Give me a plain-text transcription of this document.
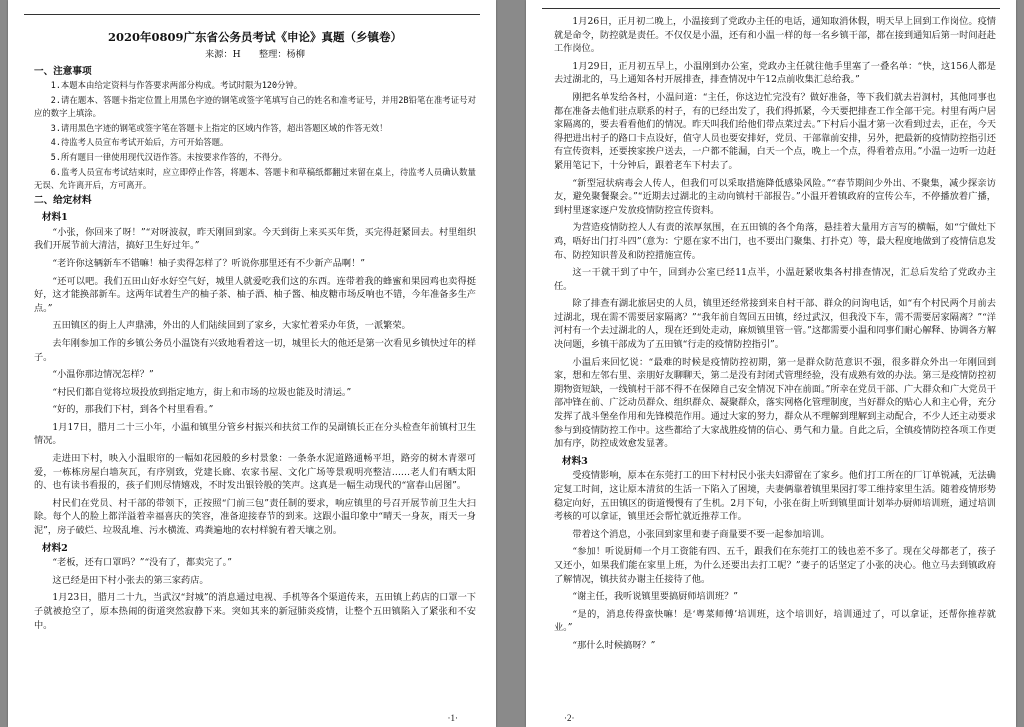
2020年0809广东省公务员考试《申论》真题（乡镇卷）
来源：H　　整理：杨柳
一、注意事项

1.本题本由给定资料与作答要求两部分构成。考试时限为120分钟。

2.请在题本、答题卡指定位置上用黑色字迹的钢笔或签字笔填写自己的姓名和准考证号，并用2B铅笔在准考证号对应的数字上填涂。

3.请用黑色字迹的钢笔或签字笔在答题卡上指定的区域内作答，超出答题区域的作答无效！

4.待监考人员宣布考试开始后，方可开始答题。

5.所有题目一律使用现代汉语作答。未按要求作答的，不得分。

6.监考人员宣布考试结束时，应立即停止作答，将题本、答题卡和草稿纸都翻过来留在桌上，待监考人员确认数量无误、允许离开后，方可离开。

二、给定材料
材料1

“小张，你回来了呀！”“对呀波叔，昨天刚回到家。今天到街上来买买年货，买完得赶紧回去。村里组织我们开展节前大清洁，搞好卫生好过年。”

“老许你这辆新车不错嘛！柚子卖得怎样了？听说你那里还有不少新产品啊！”

“还可以吧。我们五田山好水好空气好，城里人就爱吃我们这的东西。连带着我的蜂蜜和果园鸡也卖得挺好，这才能换部新车。这两年试着生产的柚子茶、柚子酒、柚子酱、柚皮糖市场反响也不错，今年准备多生产点。”

五田镇区的街上人声鼎沸，外出的人们陆续回到了家乡，大家忙着采办年货，一派繁荣。

去年刚参加工作的乡镇公务员小温饶有兴致地看着这一切，城里长大的他还是第一次看见乡镇快过年的样子。

“小温你那边情况怎样？”

“村民们都自觉将垃圾投放到指定地方，街上和市场的垃圾也能及时清运。”

“好的，那我们下村，到各个村里看看。”

1月17日，腊月二十三小年，小温和镇里分管乡村振兴和扶贫工作的吴副镇长正在分头检查年前镇村卫生情况。

走进田下村，映入小温眼帘的一幅如花园般的乡村景象：一条条水泥道路通畅平坦，路旁的树木青翠可爱，一栋栋房屋白墙灰瓦，有序别致，党建长廊、农家书屋、文化广场等景观明亮整洁……老人们有晒太阳的、也有读书看报的，孩子们则尽情嬉戏，不时发出银铃般的笑声。这真是一幅生动现代的“富春山居图”。

村民们在党员、村干部的带领下，正按照“门前三包”责任制的要求，响应镇里的号召开展节前卫生大扫除。每个人的脸上都洋溢着幸福喜庆的笑容，准备迎接春节的到来。这跟小温印象中“晴天一身灰，雨天一身泥”，房子破烂、垃圾乱堆、污水横流、鸡粪遍地的农村样貌有着天壤之别。

材料2

“老板，还有口罩吗？”“没有了，都卖完了。”

这已经是田下村小张去的第三家药店。

1月23日，腊月二十九，当武汉“封城”的消息通过电视、手机等各个渠道传来，五田镇上药店的口罩一下子就被抢空了，原本热闹的街道突然寂静下来。突如其来的新冠肺炎疫情，让整个五田镇陷入了紧张和不安中。

·1·

1月26日，正月初二晚上，小温接到了党政办主任的电话，通知取消休假，明天早上回到工作岗位。疫情就是命令，防控就是责任。不仅仅是小温，还有和小温一样的每一名乡镇干部，都在接到通知后第一时间赶赴工作岗位。

1月29日，正月初五早上，小温刚到办公室，党政办主任就往他手里塞了一叠名单：“快，这156人都是去过湖北的，马上通知各村开展排查，排查情况中午12点前收集汇总给我。”

刚把名单发给各村，小温问道：“主任，你这边忙完没有？做好准备，等下我们就去岩洞村，其他同事也都在准备去他们驻点联系的村子，有的已经出发了，我们得抓紧，今天要把排查工作全部干完。村里有两户居家隔离的，要去看看他们的情况。昨天叫我们给他们带点菜过去。”下村后小温才第一次看到过去，正在，今天得把进出村子的路口卡点设好，值守人员也要安排好，党员、干部靠前安排，另外，把最新的疫情防控指引还有宣传资料，还要挨家挨户送去，一户都不能漏，白天一个点，晚上一个点，得看着点用。”小温一边听一边赶紧用笔记下，十分钟后，跟着老车下村去了。

“新型冠状病毒会人传人，但我们可以采取措施降低感染风险。”“春节期间少外出、不聚集，减少探亲访友，避免聚餐聚会。”“近期去过湖北的主动向镇村干部报告。”小温开着镇政府的宣传公车，不停播放着广播，到村里逐家逐户发放疫情防控宣传资料。

为营造疫情防控人人有责的浓厚氛围，在五田镇的各个角落，悬挂着大量用方言写的横幅，如“宁做灶下鸡，唔好出门打斗四”（意为：宁愿在家不出门，也不要出门聚集、打扑克）等，最大程度地做到了疫情信息发布、防控知识普及和防控措施宣传。

这一干就干到了中午，回到办公室已经11点半，小温赶紧收集各村排查情况，汇总后发给了党政办主任。

除了排查有湖北旅居史的人员，镇里还经常接到来自村干部、群众的问询电话，如“有个村民两个月前去过湖北，现在需不需要居家隔离？”“我年前自驾回五田镇，经过武汉，但我没下车，需不需要居家隔离？”“洋河村有一个去过湖北的人，现在还到处走动，麻烦镇里管一管。”这都需要小温和同事们耐心解释、协调各方解决问题，乡镇干部成为了五田镇“行走的疫情防控指引”。

小温后来回忆说：“最难的时候是疫情防控初期，第一是群众防范意识不强，很多群众外出一年刚回到家，想和左邻右里、亲朋好友聊聊天，第二是没有封闭式管理经验，没有成熟有效的办法。第三是疫情防控初期物资短缺，一线镇村干部不得不在保障自己安全情况下冲在前面。”所幸在党员干部、广大群众和广大党员干部冲锋在前、广泛动员群众、组织群众、凝聚群众，落实网格化管理制度，当好群众的贴心人和主心骨，充分发挥了战斗堡垒作用和先锋模范作用。通过大家的努力，群众从不理解到理解到主动配合，不少人还主动要求参与到疫情防控工作中。这些都给了大家战胜疫情的信心、勇气和力量。自此之后，全镇疫情防控各项工作更加有序，防控成效愈发显著。

材料3

受疫情影响，原本在东莞打工的田下村村民小张夫妇滞留在了家乡。他们打工所在的厂订单锐减，无法确定复工时间，这让原本清贫的生活一下陷入了困境，夫妻俩靠着镇里果园打零工维持家里生活。随着疫情形势稳定向好，五田镇区的街道慢慢有了生机。2月下旬，小张在街上听到镇里面计划举办厨师培训班，通过培训考核的可以拿证，镇里还会帮忙就近推荐工作。

带着这个消息，小张回到家里和妻子商量要不要一起参加培训。

“参加！听说厨师一个月工资能有四、五千，跟我们在东莞打工的钱也差不多了。现在父母都老了，孩子又还小，如果我们能在家里上班，为什么还要出去打工呢？”妻子的话坚定了小张的决心。他立马去到镇政府了解情况，镇扶贫办谢主任接待了他。

“谢主任，我听说镇里要搞厨师培训班？”

“是的，消息传得蛮快嘛！是‘粤菜师傅’培训班，这个培训好，培训通过了，可以拿证，还帮你推荐就业。”

“那什么时候搞呀？”

·2·
